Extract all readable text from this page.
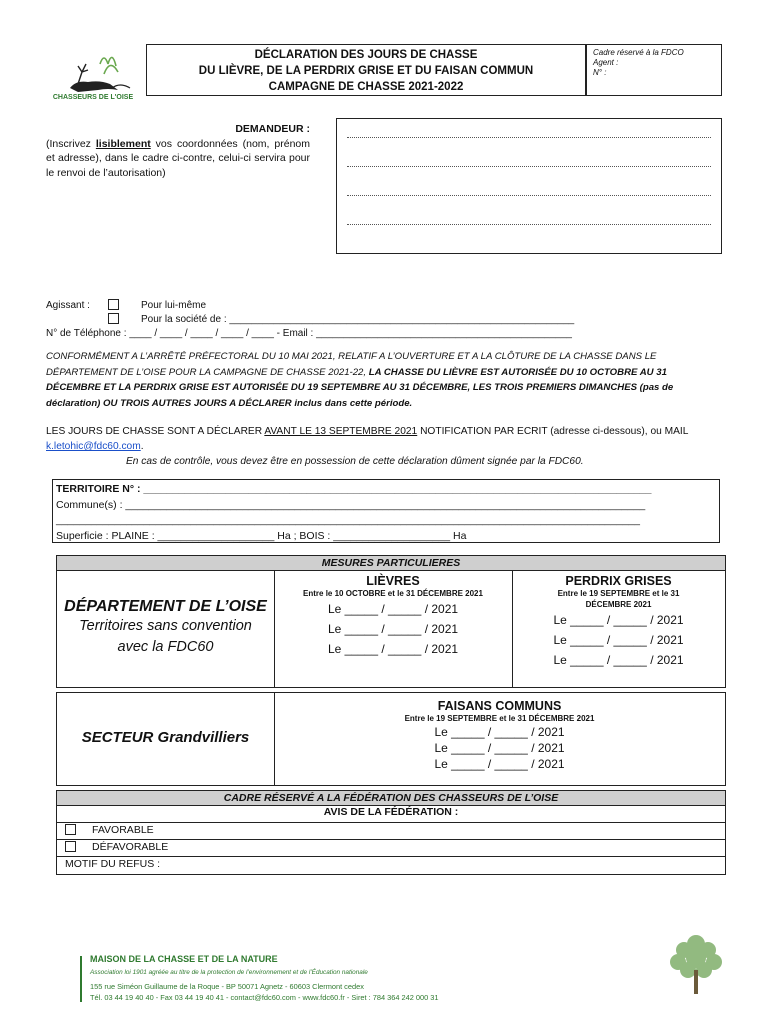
CHASSEURS DE L'OISE
DÉCLARATION DES JOURS DE CHASSE
DU LIÈVRE, DE LA PERDRIX GRISE ET DU FAISAN COMMUN
CAMPAGNE DE CHASSE 2021-2022
Cadre réservé à la FDCO
Agent :
N° :
DEMANDEUR :
(Inscrivez lisiblement vos coordonnées (nom, prénom et adresse), dans le cadre ci-contre, celui-ci servira pour le renvoi de l’autorisation)
Agissant :	Pour lui-même
Pour la société de : ______________________________________________________________
N° de Téléphone : ____ / ____ / ____ / ____ / ____ - Email : ______________________________________________
CONFORMÉMENT A L’ARRÊTÉ PRÉFECTORAL DU 10 MAI 2021, RELATIF A L’OUVERTURE ET A LA CLÔTURE DE LA CHASSE DANS LE DÉPARTEMENT DE L’OISE POUR LA CAMPAGNE DE CHASSE 2021-22, LA CHASSE DU LIÈVRE EST AUTORISÉE DU 10 OCTOBRE AU 31 DÉCEMBRE ET LA PERDRIX GRISE EST AUTORISÉE DU 19 SEPTEMBRE AU 31 DÉCEMBRE, LES TROIS PREMIERS DIMANCHES (pas de déclaration) OU TROIS AUTRES JOURS A DÉCLARER inclus dans cette période.
LES JOURS DE CHASSE SONT A DÉCLARER AVANT LE 13 SEPTEMBRE 2021 NOTIFICATION PAR ECRIT (adresse ci-dessous), ou MAIL
k.letohic@fdc60.com.
En cas de contrôle, vous devez être en possession de cette déclaration dûment signée par la FDC60.
TERRITOIRE N° : _______________________________________________________________________________________
Commune(s) : _________________________________________________________________________________________
____________________________________________________________________________________________________
Superficie : PLAINE : ____________________ Ha ; BOIS : ____________________ Ha
MESURES PARTICULIERES
DÉPARTEMENT DE L’OISE
Territoires sans convention
avec la FDC60
LIÈVRES
Entre le 10 OCTOBRE et le 31 DÉCEMBRE 2021
Le _____ / _____ / 2021
Le _____ / _____ / 2021
Le _____ / _____ / 2021
PERDRIX GRISES
Entre le 19 SEPTEMBRE et le 31
DÉCEMBRE 2021
Le _____ / _____ / 2021
Le _____ / _____ / 2021
Le _____ / _____ / 2021
SECTEUR Grandvilliers
FAISANS COMMUNS
Entre le 19 SEPTEMBRE et le 31 DÉCEMBRE 2021
Le _____ / _____ / 2021
Le _____ / _____ / 2021
Le _____ / _____ / 2021
CADRE RÉSERVÉ A LA FÉDÉRATION DES CHASSEURS DE L’OISE
AVIS DE LA FÉDÉRATION :
FAVORABLE
DÉFAVORABLE
MOTIF DU REFUS :
MAISON DE LA CHASSE ET DE LA NATURE
Association loi 1901 agréée au titre de la protection de l’environnement et de l’Éducation nationale
155 rue Siméon Guillaume de la Roque - BP 50071 Agnetz - 60603 Clermont cedex
Tél. 03 44 19 40 40 - Fax 03 44 19 40 41 - contact@fdc60.com - www.fdc60.fr - Siret : 784 364 242 000 31
